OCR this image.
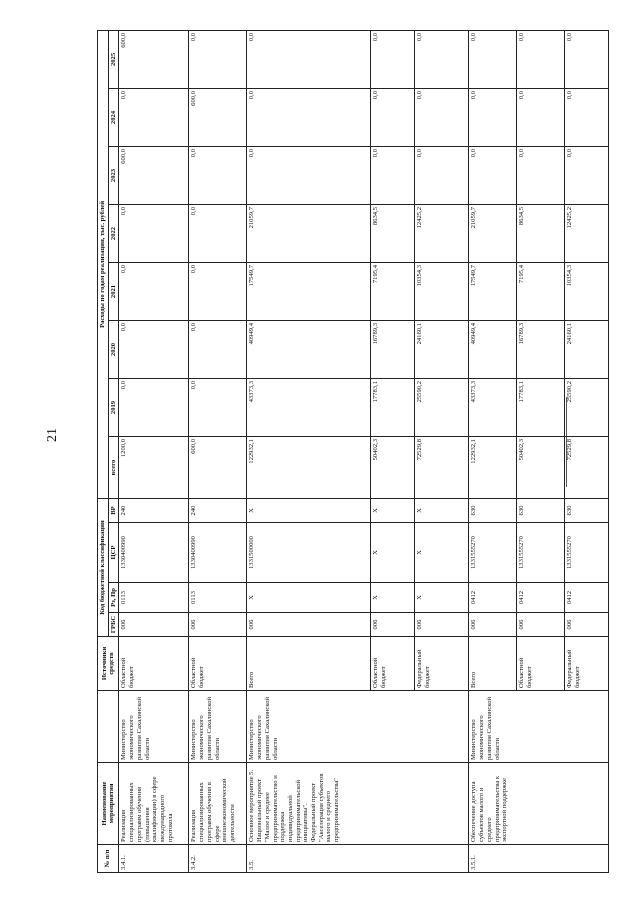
21
№ п/п	Наименование мероприятия		Источники средств	Код бюджетной классификации				Расходы по годам реализации, тыс. рублей							
				ГРБС	Рз, Пр	ЦСР	ВР	всего	2019	2020	2021	2022	2023	2024	2025
3.4.1.	Реализация специализированных программ обучения (повышения квалификации) в сфере международного протокола	Министерство экономического развития Сахалинской области	Областной бюджет	006	0113	1330400990	240	1200,0	0,0	0,0	0,0	0,0	600,0	0,0	600,0
3.4.2.	Реализация специализированных программ обучения в сфере внешнеэкономической деятельности	Министерство экономического развития Сахалинской области	Областной бюджет	006	0113	1330400990	240	600,0	0,0	0,0	0,0	0,0	0,0	600,0	0,0
3.5.	Основное мероприятие 5. Национальный проект "Малое и среднее предпринимательство и поддержка индивидуальной предпринимательской инициативы". Федеральный проект "Акселерация субъектов малого и среднего предпринимательства"	Министерство экономического развития Сахалинской области	Всего	006	X	1331500000	X	122932,1	43373,3	40949,4	17549,7	21059,7	0,0	0,0	0,0
			Областной бюджет	006	X	X	X	50402,3	17783,1	16789,3	7195,4	8634,5	0,0	0,0	0,0
			Федеральный бюджет	006	X	X	X	72529,8	25590,2	24160,1	10354,3	12425,2	0,0	0,0	0,0
3.5.1.	Обеспечение доступа субъектов малого и среднего предпринимательства к экспортной поддержке	Министерство экономического развития Сахалинской области	Всего	006	0412	1331555270	630	122932,1	43373,3	40949,4	17549,7	21059,7	0,0	0,0	0,0
			Областной бюджет	006	0412	1331555270	630	50402,3	17783,1	16789,3	7195,4	8634,5	0,0	0,0	0,0
			Федеральный бюджет	006	0412	1331555270	630	72529,8	25590,2	24160,1	10354,3	12425,2	0,0	0,0	0,0
